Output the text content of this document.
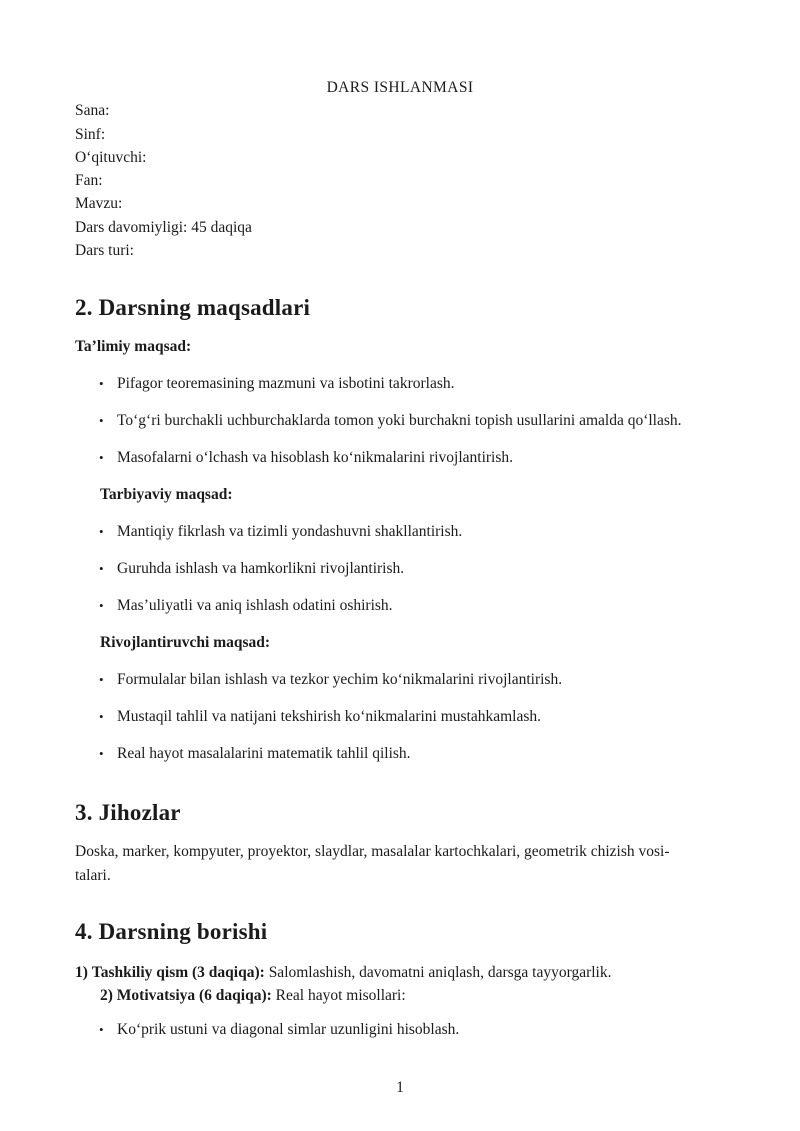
DARS ISHLANMASI
Sana:
Sinf:
O‘qituvchi:
Fan:
Mavzu:
Dars davomiyligi: 45 daqiqa
Dars turi:
2. Darsning maqsadlari
Ta’limiy maqsad:
• Pifagor teoremasining mazmuni va isbotini takrorlash.
• To‘g‘ri burchakli uchburchaklarda tomon yoki burchakni topish usullarini amalda qo‘llash.
• Masofalarni o‘lchash va hisoblash ko‘nikmalarini rivojlantirish.
Tarbiyaviy maqsad:
• Mantiqiy fikrlash va tizimli yondashuvni shakllantirish.
• Guruhda ishlash va hamkorlikni rivojlantirish.
• Mas’uliyatli va aniq ishlash odatini oshirish.
Rivojlantiruvchi maqsad:
• Formulalar bilan ishlash va tezkor yechim ko‘nikmalarini rivojlantirish.
• Mustaqil tahlil va natijani tekshirish ko‘nikmalarini mustahkamlash.
• Real hayot masalalarini matematik tahlil qilish.
3. Jihozlar
Doska, marker, kompyuter, proyektor, slaydlar, masalalar kartochkalari, geometrik chizish vosi-
talari.
4. Darsning borishi
1) Tashkiliy qism (3 daqiqa): Salomlashish, davomatni aniqlash, darsga tayyorgarlik.
2) Motivatsiya (6 daqiqa): Real hayot misollari:
• Ko‘prik ustuni va diagonal simlar uzunligini hisoblash.
1
